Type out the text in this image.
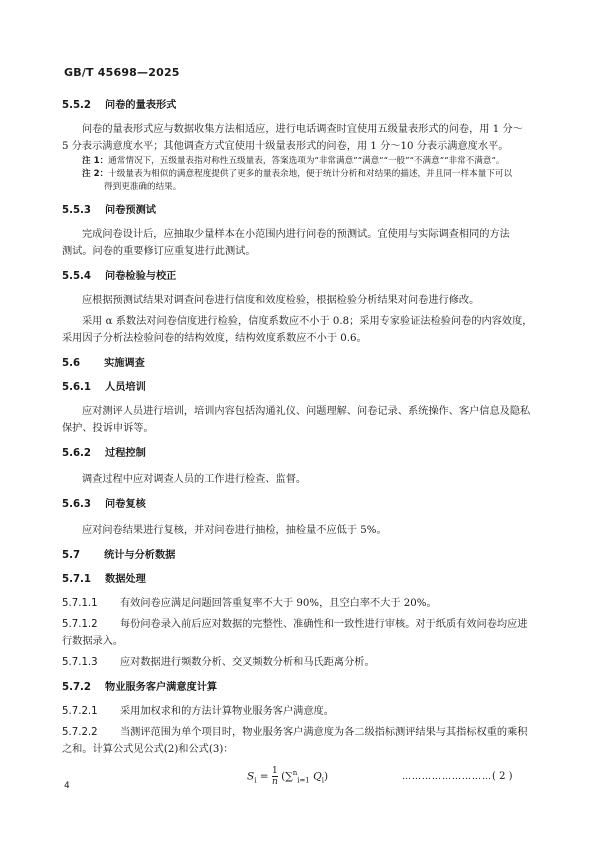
GB/T 45698—2025

5.5.2 问卷的量表形式

问卷的量表形式应与数据收集方法相适应，进行电话调查时宜使用五级量表形式的问卷，用 1 分～

5 分表示满意度水平；其他调查方式宜使用十级量表形式的问卷，用 1 分～10 分表示满意度水平。

注 1：通常情况下，五级量表指对称性五级量表，答案选项为“非常满意”“满意”“一般”“不满意”“非常不满意”。

注 2：十级量表为相似的满意程度提供了更多的量表余地，便于统计分析和对结果的描述，并且同一样本量下可以

得到更准确的结果。

5.5.3 问卷预测试

完成问卷设计后，应抽取少量样本在小范围内进行问卷的预测试。宜使用与实际调查相同的方法

测试。问卷的重要修订应重复进行此测试。

5.5.4 问卷检验与校正

应根据预测试结果对调查问卷进行信度和效度检验，根据检验分析结果对问卷进行修改。

采用 α 系数法对问卷信度进行检验，信度系数应不小于 0.8；采用专家验证法检验问卷的内容效度，

采用因子分析法检验问卷的结构效度，结构效度系数应不小于 0.6。

5.6 实施调查

5.6.1 人员培训

应对测评人员进行培训，培训内容包括沟通礼仪、问题理解、问卷记录、系统操作、客户信息及隐私

保护、投诉申诉等。

5.6.2 过程控制

调查过程中应对调查人员的工作进行检查、监督。

5.6.3 问卷复核

应对问卷结果进行复核，并对问卷进行抽检，抽检量不应低于 5%。

5.7 统计与分析数据

5.7.1 数据处理

5.7.1.1 有效问卷应满足问题回答重复率不大于 90%，且空白率不大于 20%。

5.7.1.2 每份问卷录入前后应对数据的完整性、准确性和一致性进行审核。对于纸质有效问卷均应进

行数据录入。

5.7.1.3 应对数据进行频数分析、交叉频数分析和马氏距离分析。

5.7.2 物业服务客户满意度计算

5.7.2.1 采用加权求和的方法计算物业服务客户满意度。

5.7.2.2 当测评范围为单个项目时，物业服务客户满意度为各二级指标测评结果与其指标权重的乘积

之和。计算公式见公式(2)和公式(3)：

$S_i = \frac{1}{n} (\sum^n_{i=1}$ $Q_i$)	……………………… ( 2 )
4
